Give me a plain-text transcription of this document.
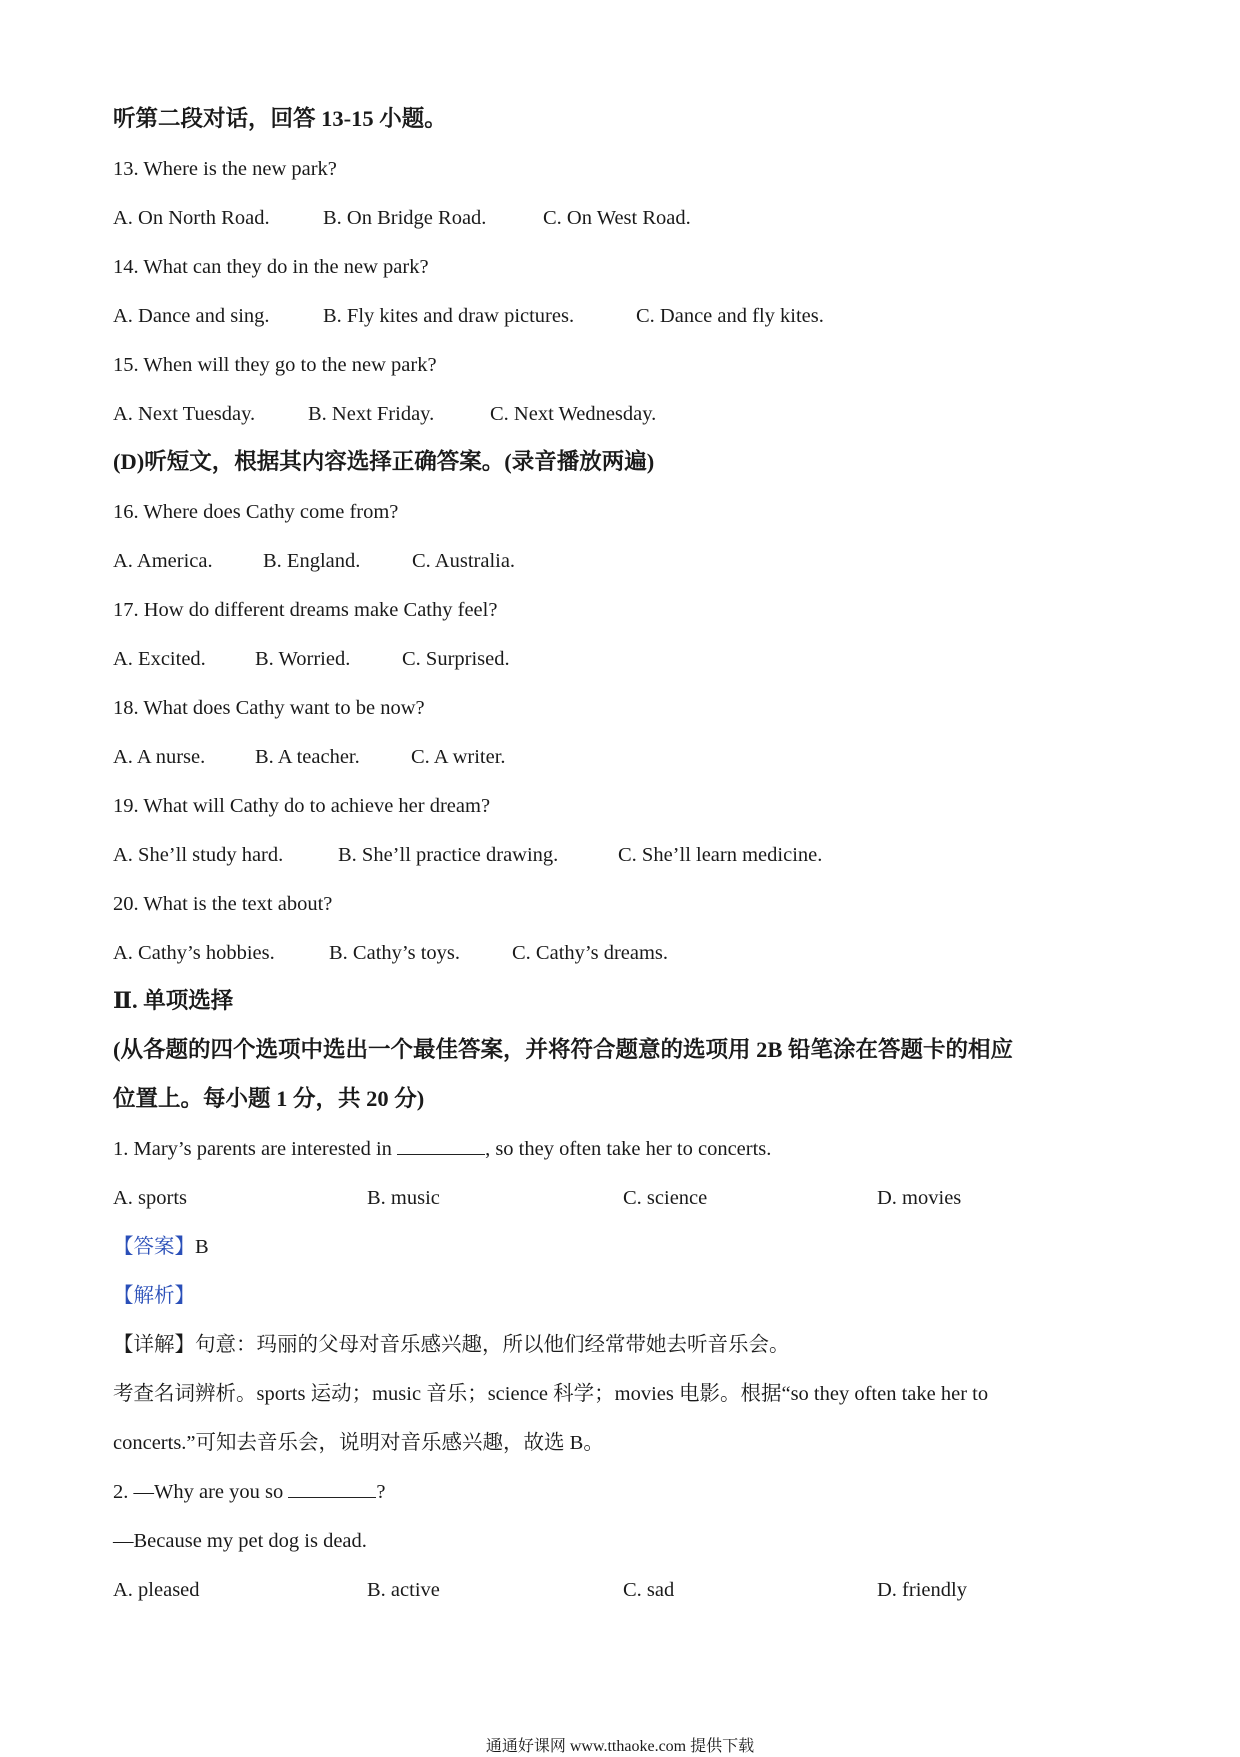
听第二段对话，回答 13-15 小题。
13. Where is the new park?
A. On North Road.	B. On Bridge Road.	C. On West Road.
14. What can they do in the new park?
A. Dance and sing.	B. Fly kites and draw pictures.	C. Dance and fly kites.
15. When will they go to the new park?
A. Next Tuesday.	B. Next Friday.	C. Next Wednesday.
(D)听短文，根据其内容选择正确答案。(录音播放两遍)
16. Where does Cathy come from?
A. America. B. England.	C. Australia.
17. How do different dreams make Cathy feel?
A. Excited. B. Worried.	C. Surprised.
18. What does Cathy want to be now?
A. A nurse. B. A teacher. C. A writer.
19. What will Cathy do to achieve her dream?
A. She’ll study hard.	B. She’ll practice drawing.	C. She’ll learn medicine.
20. What is the text about?
A. Cathy’s hobbies.	B. Cathy’s toys.	C. Cathy’s dreams.
Ⅱ. 单项选择
(从各题的四个选项中选出一个最佳答案，并将符合题意的选项用 2B 铅笔涂在答题卡的相应
位置上。每小题 1 分，共 20 分)
1. Mary’s parents are interested in	, so they often take her to concerts.
A. sports	B. music	C. science	D. movies
【答案】B
【解析】
【详解】句意：玛丽的父母对音乐感兴趣，所以他们经常带她去听音乐会。
考查名词辨析。sports 运动；music 音乐；science 科学；movies 电影。根据“so they often take her to
concerts.”可知去音乐会，说明对音乐感兴趣，故选 B。
2. —Why are you so	?
—Because my pet dog is dead.
A. pleased	B. active	C. sad	D. friendly
通通好课网 www.tthaoke.com 提供下载
